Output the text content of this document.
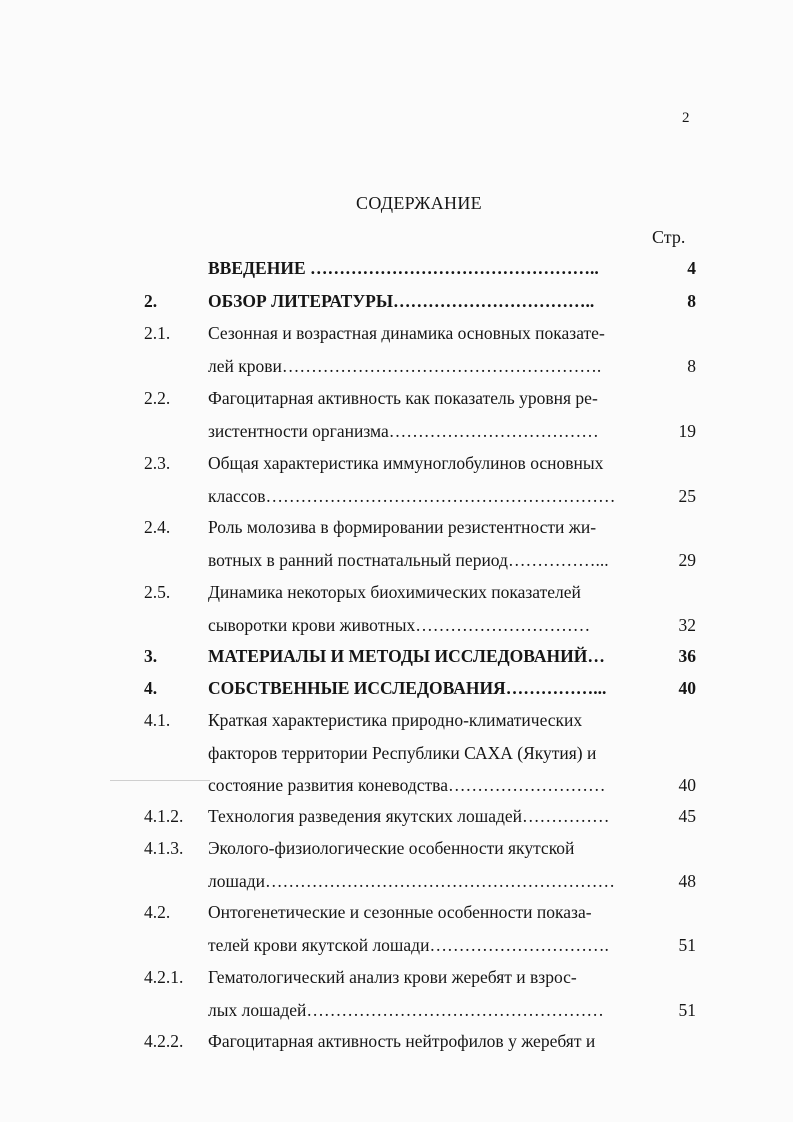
2
СОДЕРЖАНИЕ
Стр.
ВВЕДЕНИЕ …………………………………………..	4
2.	ОБЗОР ЛИТЕРАТУРЫ……………………………..	8
2.1. Сезонная и возрастная динамика основных показате-
лей крови……………………………………………….	8
2.2. Фагоцитарная активность как показатель уровня ре-
зистентности организма………………………………	19
2.3. Общая характеристика иммуноглобулинов основных
классов……………………………………………………	25
2.4. Роль молозива в формировании резистентности жи-
вотных в ранний постнатальный период……………...	29
2.5. Динамика некоторых биохимических показателей
сыворотки крови животных…………………………	32
3.	МАТЕРИАЛЫ И МЕТОДЫ ИССЛЕДОВАНИЙ…	36
4.	СОБСТВЕННЫЕ ИССЛЕДОВАНИЯ……………...	40
4.1. Краткая характеристика природно-климатических
факторов территории Республики САХА (Якутия) и
состояние развития коневодства………………………	40
4.1.2. Технология разведения якутских лошадей……………	45
4.1.3. Эколого-физиологические особенности якутской
лошади……………………………………………………	48
4.2. Онтогенетические и сезонные особенности показа-
телей крови якутской лошади………………………….	51
4.2.1. Гематологический анализ крови жеребят и взрос-
лых лошадей……………………………………………	51
4.2.2. Фагоцитарная активность нейтрофилов у жеребят и
